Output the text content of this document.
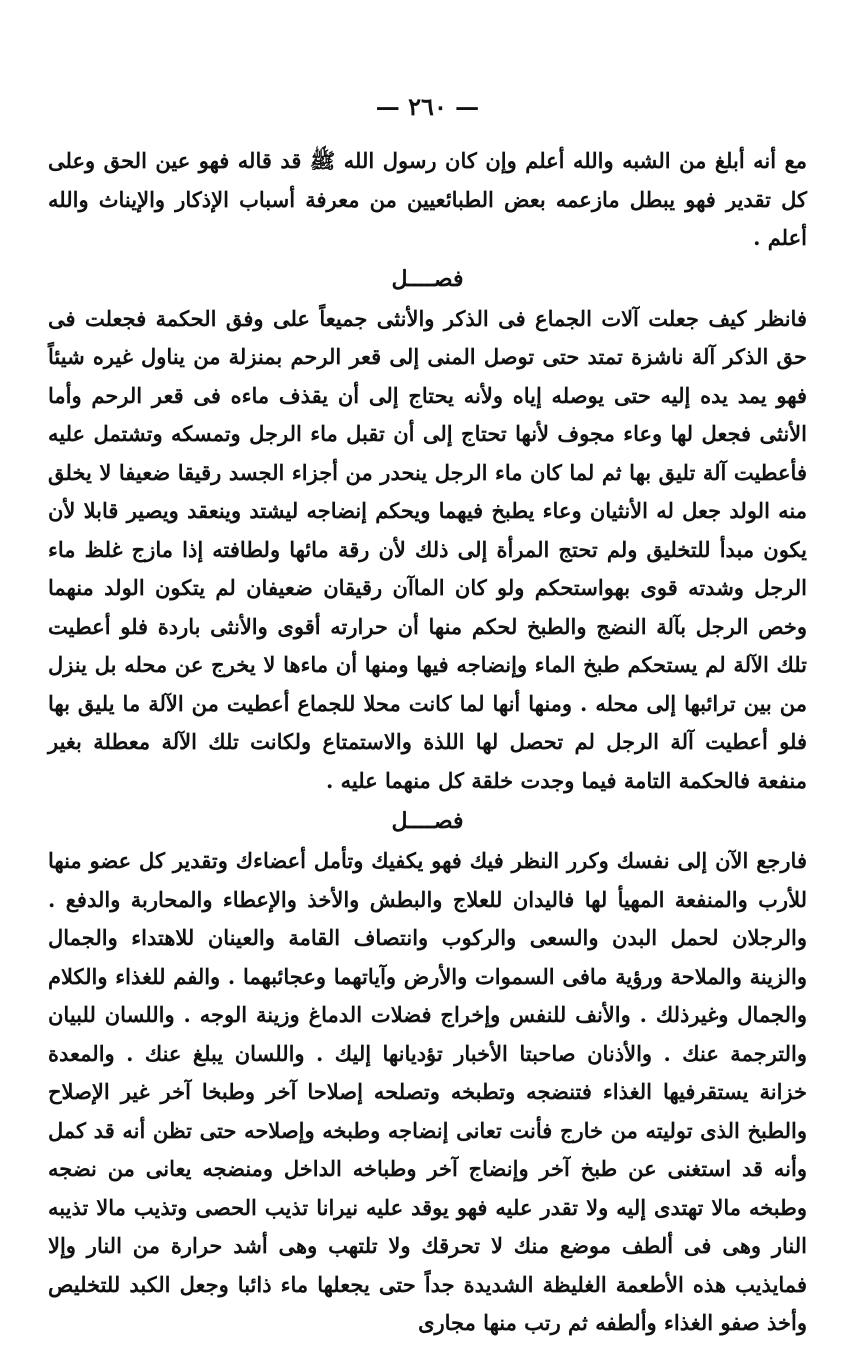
— ٢٦٠ —

مع أنه أبلغ من الشبه والله أعلم وإن كان رسول الله ﷺ قد قاله فهو عين الحق وعلى كل تقدير فهو يبطل مازعمه بعض الطبائعيين من معرفة أسباب الإذكار والإيناث والله أعلم .

فصــــل

فانظر كيف جعلت آلات الجماع فى الذكر والأنثى جميعاً على وفق الحكمة فجعلت فى حق الذكر آلة ناشزة تمتد حتى توصل المنى إلى قعر الرحم بمنزلة من يناول غيره شيئاً فهو يمد يده إليه حتى يوصله إياه ولأنه يحتاج إلى أن يقذف ماءه فى قعر الرحم وأما الأنثى فجعل لها وعاء مجوف لأنها تحتاج إلى أن تقبل ماء الرجل وتمسكه وتشتمل عليه فأعطيت آلة تليق بها ثم لما كان ماء الرجل ينحدر من أجزاء الجسد رقيقا ضعيفا لا يخلق منه الولد جعل له الأنثيان وعاء يطبخ فيهما ويحكم إنضاجه ليشتد وينعقد ويصير قابلا لأن يكون مبدأ للتخليق ولم تحتج المرأة إلى ذلك لأن رقة مائها ولطافته إذا مازج غلظ ماء الرجل وشدته قوى بهواستحكم ولو كان الماآن رقيقان ضعيفان لم يتكون الولد منهما وخص الرجل بآلة النضج والطبخ لحكم منها أن حرارته أقوى والأنثى باردة فلو أعطيت تلك الآلة لم يستحكم طبخ الماء وإنضاجه فيها ومنها أن ماءها لا يخرج عن محله بل ينزل من بين ترائبها إلى محله . ومنها أنها لما كانت محلا للجماع أعطيت من الآلة ما يليق بها فلو أعطيت آلة الرجل لم تحصل لها اللذة والاستمتاع ولكانت تلك الآلة معطلة بغير منفعة فالحكمة التامة فيما وجدت خلقة كل منهما عليه .

فصــــل

فارجع الآن إلى نفسك وكرر النظر فيك فهو يكفيك وتأمل أعضاءك وتقدير كل عضو منها للأرب والمنفعة المهيأ لها فاليدان للعلاج والبطش والأخذ والإعطاء والمحاربة والدفع . والرجلان لحمل البدن والسعى والركوب وانتصاف القامة والعينان للاهتداء والجمال والزينة والملاحة ورؤية مافى السموات والأرض وآياتهما وعجائبهما . والفم للغذاء والكلام والجمال وغيرذلك . والأنف للنفس وإخراج فضلات الدماغ وزينة الوجه . واللسان للبيان والترجمة عنك . والأذنان صاحبتا الأخبار تؤديانها إليك . واللسان يبلغ عنك . والمعدة خزانة يستقرفيها الغذاء فتنضجه وتطبخه وتصلحه إصلاحا آخر وطبخا آخر غير الإصلاح والطبخ الذى توليته من خارج فأنت تعانى إنضاجه وطبخه وإصلاحه حتى تظن أنه قد كمل وأنه قد استغنى عن طبخ آخر وإنضاج آخر وطباخه الداخل ومنضجه يعانى من نضجه وطبخه مالا تهتدى إليه ولا تقدر عليه فهو يوقد عليه نيرانا تذيب الحصى وتذيب مالا تذيبه النار وهى فى ألطف موضع منك لا تحرقك ولا تلتهب وهى أشد حرارة من النار وإلا فمايذيب هذه الأطعمة الغليظة الشديدة جداً حتى يجعلها ماء ذائبا وجعل الكبد للتخليص وأخذ صفو الغذاء وألطفه ثم رتب منها مجارى
